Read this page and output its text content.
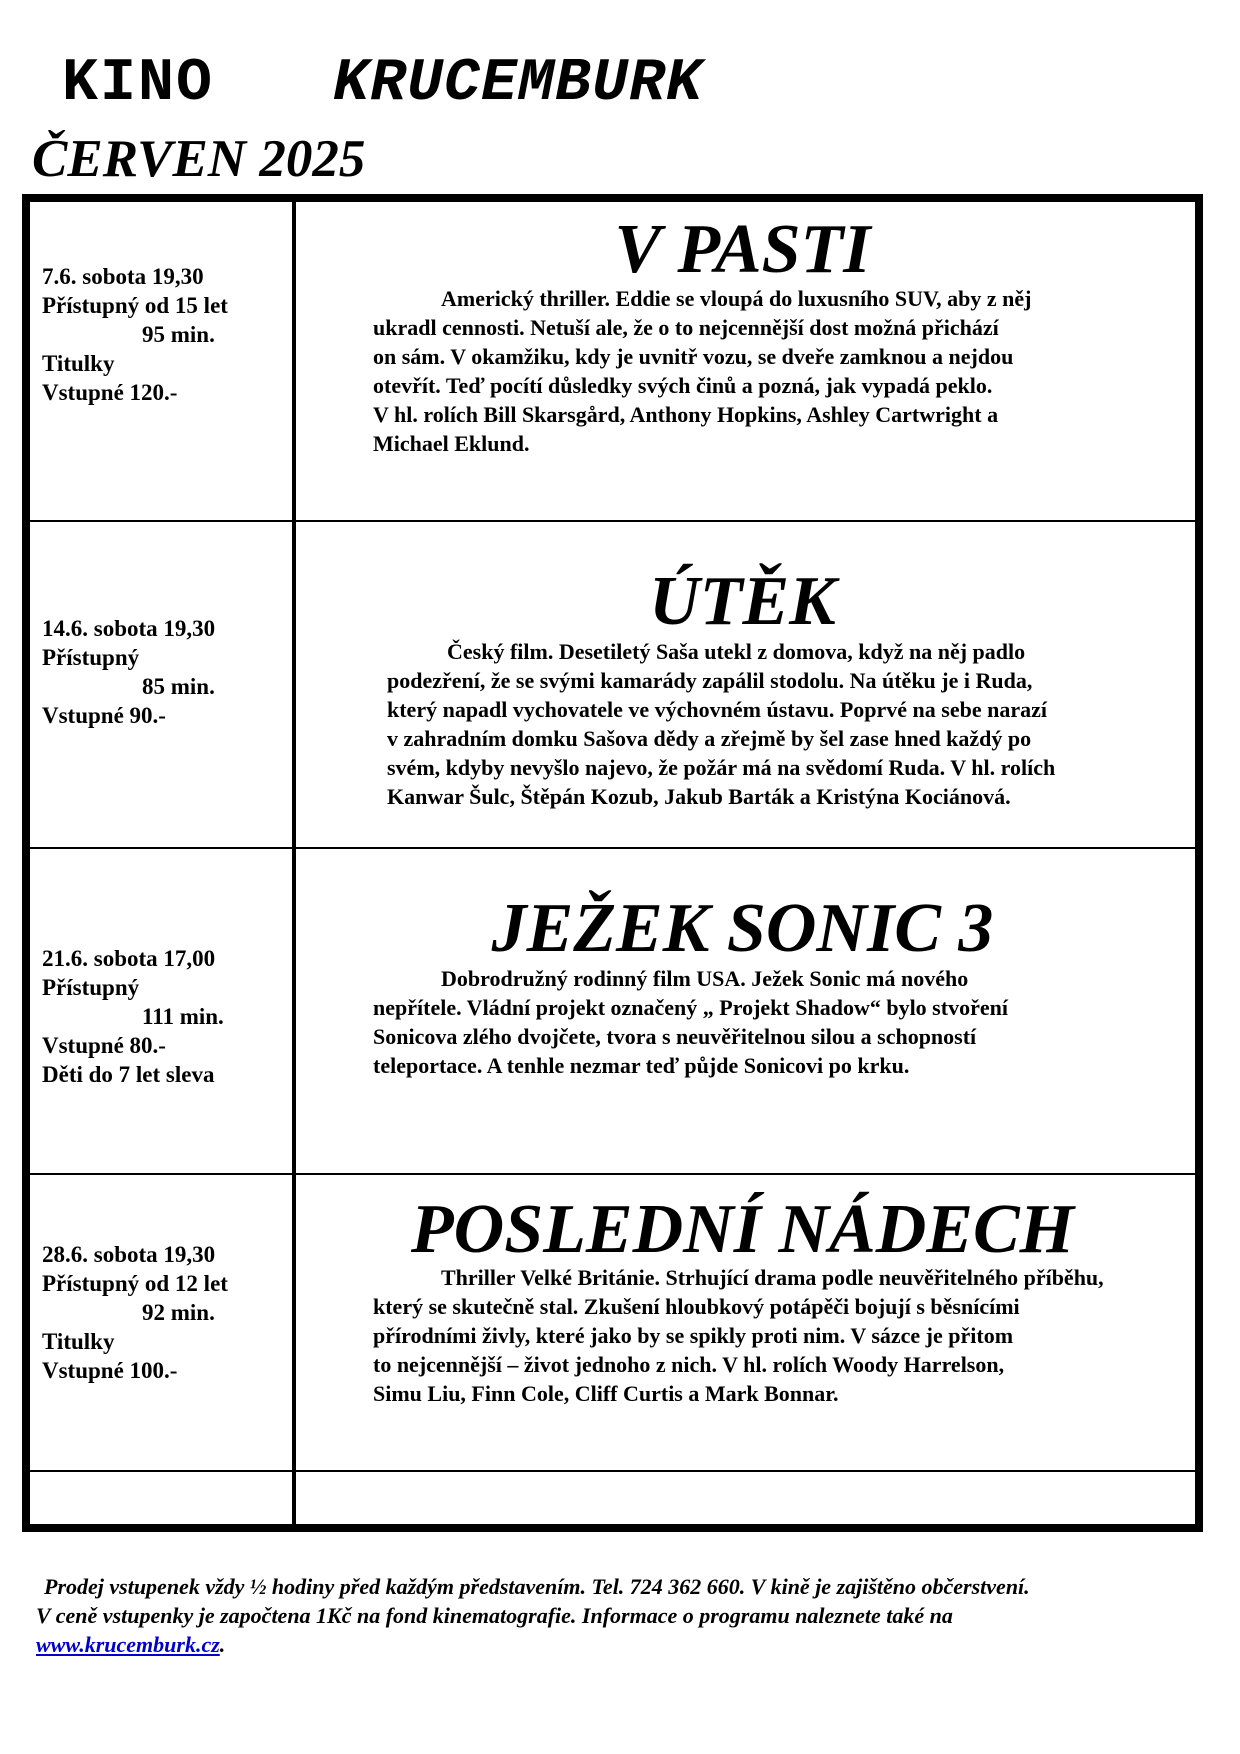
KINO KRUCEMBURK
ČERVEN 2025
7.6. sobota 19,30
Přístupný od 15 let
95 min.
Titulky
Vstupné 120.-
V PASTI
Americký thriller. Eddie se vloupá do luxusního SUV, aby z něj
ukradl cennosti. Netuší ale, že o to nejcennější dost možná přichází
on sám. V okamžiku, kdy je uvnitř vozu, se dveře zamknou a nejdou
otevřít. Teď pocítí důsledky svých činů a pozná, jak vypadá peklo.
V hl. rolích Bill Skarsgård, Anthony Hopkins, Ashley Cartwright a
Michael Eklund.
14.6. sobota 19,30
Přístupný
85 min.
Vstupné 90.-
ÚTĚK
Český film. Desetiletý Saša utekl z domova, když na něj padlo
podezření, že se svými kamarády zapálil stodolu. Na útěku je i Ruda,
který napadl vychovatele ve výchovném ústavu. Poprvé na sebe narazí
v zahradním domku Sašova dědy a zřejmě by šel zase hned každý po
svém, kdyby nevyšlo najevo, že požár má na svědomí Ruda. V hl. rolích
Kanwar Šulc, Štěpán Kozub, Jakub Barták a Kristýna Kociánová.
21.6. sobota 17,00
Přístupný
111 min.
Vstupné 80.-
Děti do 7 let sleva
JEŽEK SONIC 3
Dobrodružný rodinný film USA. Ježek Sonic má nového
nepřítele. Vládní projekt označený „ Projekt Shadow“ bylo stvoření
Sonicova zlého dvojčete, tvora s neuvěřitelnou silou a schopností
teleportace. A tenhle nezmar teď půjde Sonicovi po krku.
28.6. sobota 19,30
Přístupný od 12 let
92 min.
Titulky
Vstupné 100.-
POSLEDNÍ NÁDECH
Thriller Velké Británie. Strhující drama podle neuvěřitelného příběhu,
který se skutečně stal. Zkušení hloubkový potápěči bojují s běsnícími
přírodními živly, které jako by se spikly proti nim. V sázce je přitom
to nejcennější – život jednoho z nich. V hl. rolích Woody Harrelson,
Simu Liu, Finn Cole, Cliff Curtis a Mark Bonnar.
Prodej vstupenek vždy ½ hodiny před každým představením. Tel. 724 362 660. V kině je zajištěno občerstvení.
V ceně vstupenky je započtena 1Kč na fond kinematografie. Informace o programu naleznete také na
www.krucemburk.cz.
